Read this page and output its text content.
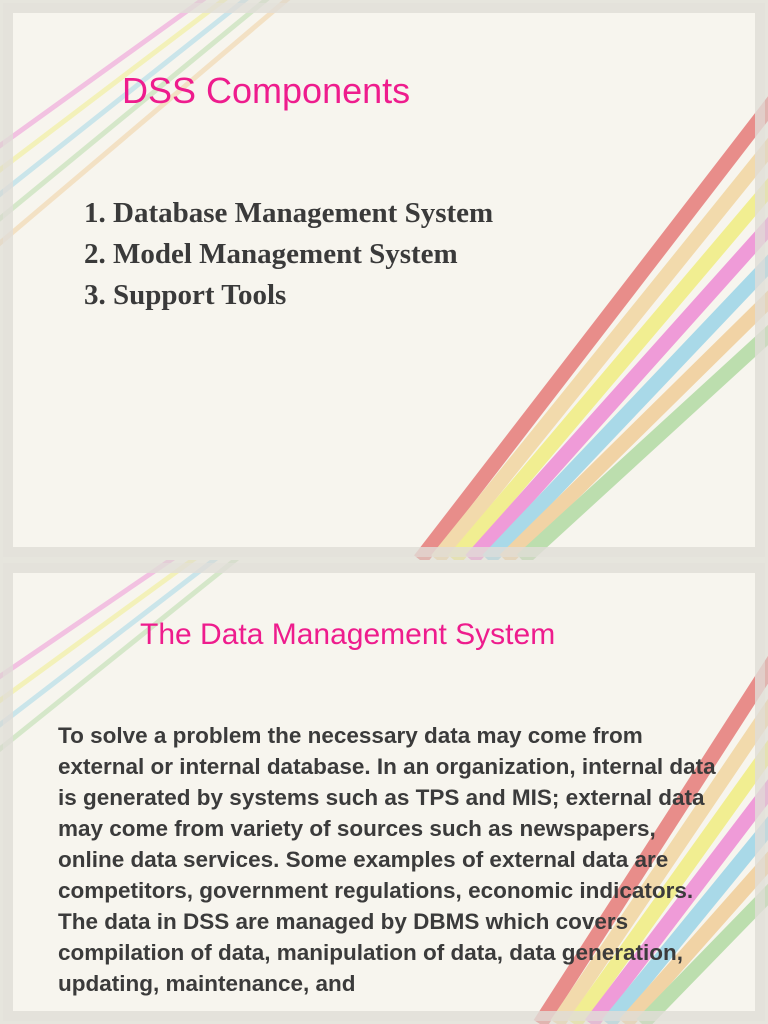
DSS Components
1. Database Management System
2. Model Management System
3. Support Tools
The Data Management System

To solve a problem the necessary data may come from external or internal database. In an organization, internal data is generated by systems such as TPS and MIS; external data may come from variety of sources such as newspapers, online data services. Some examples of external data are competitors, government regulations, economic indicators. The data in DSS are managed by DBMS which covers compilation of data, manipulation of data, data generation, updating, maintenance, and
